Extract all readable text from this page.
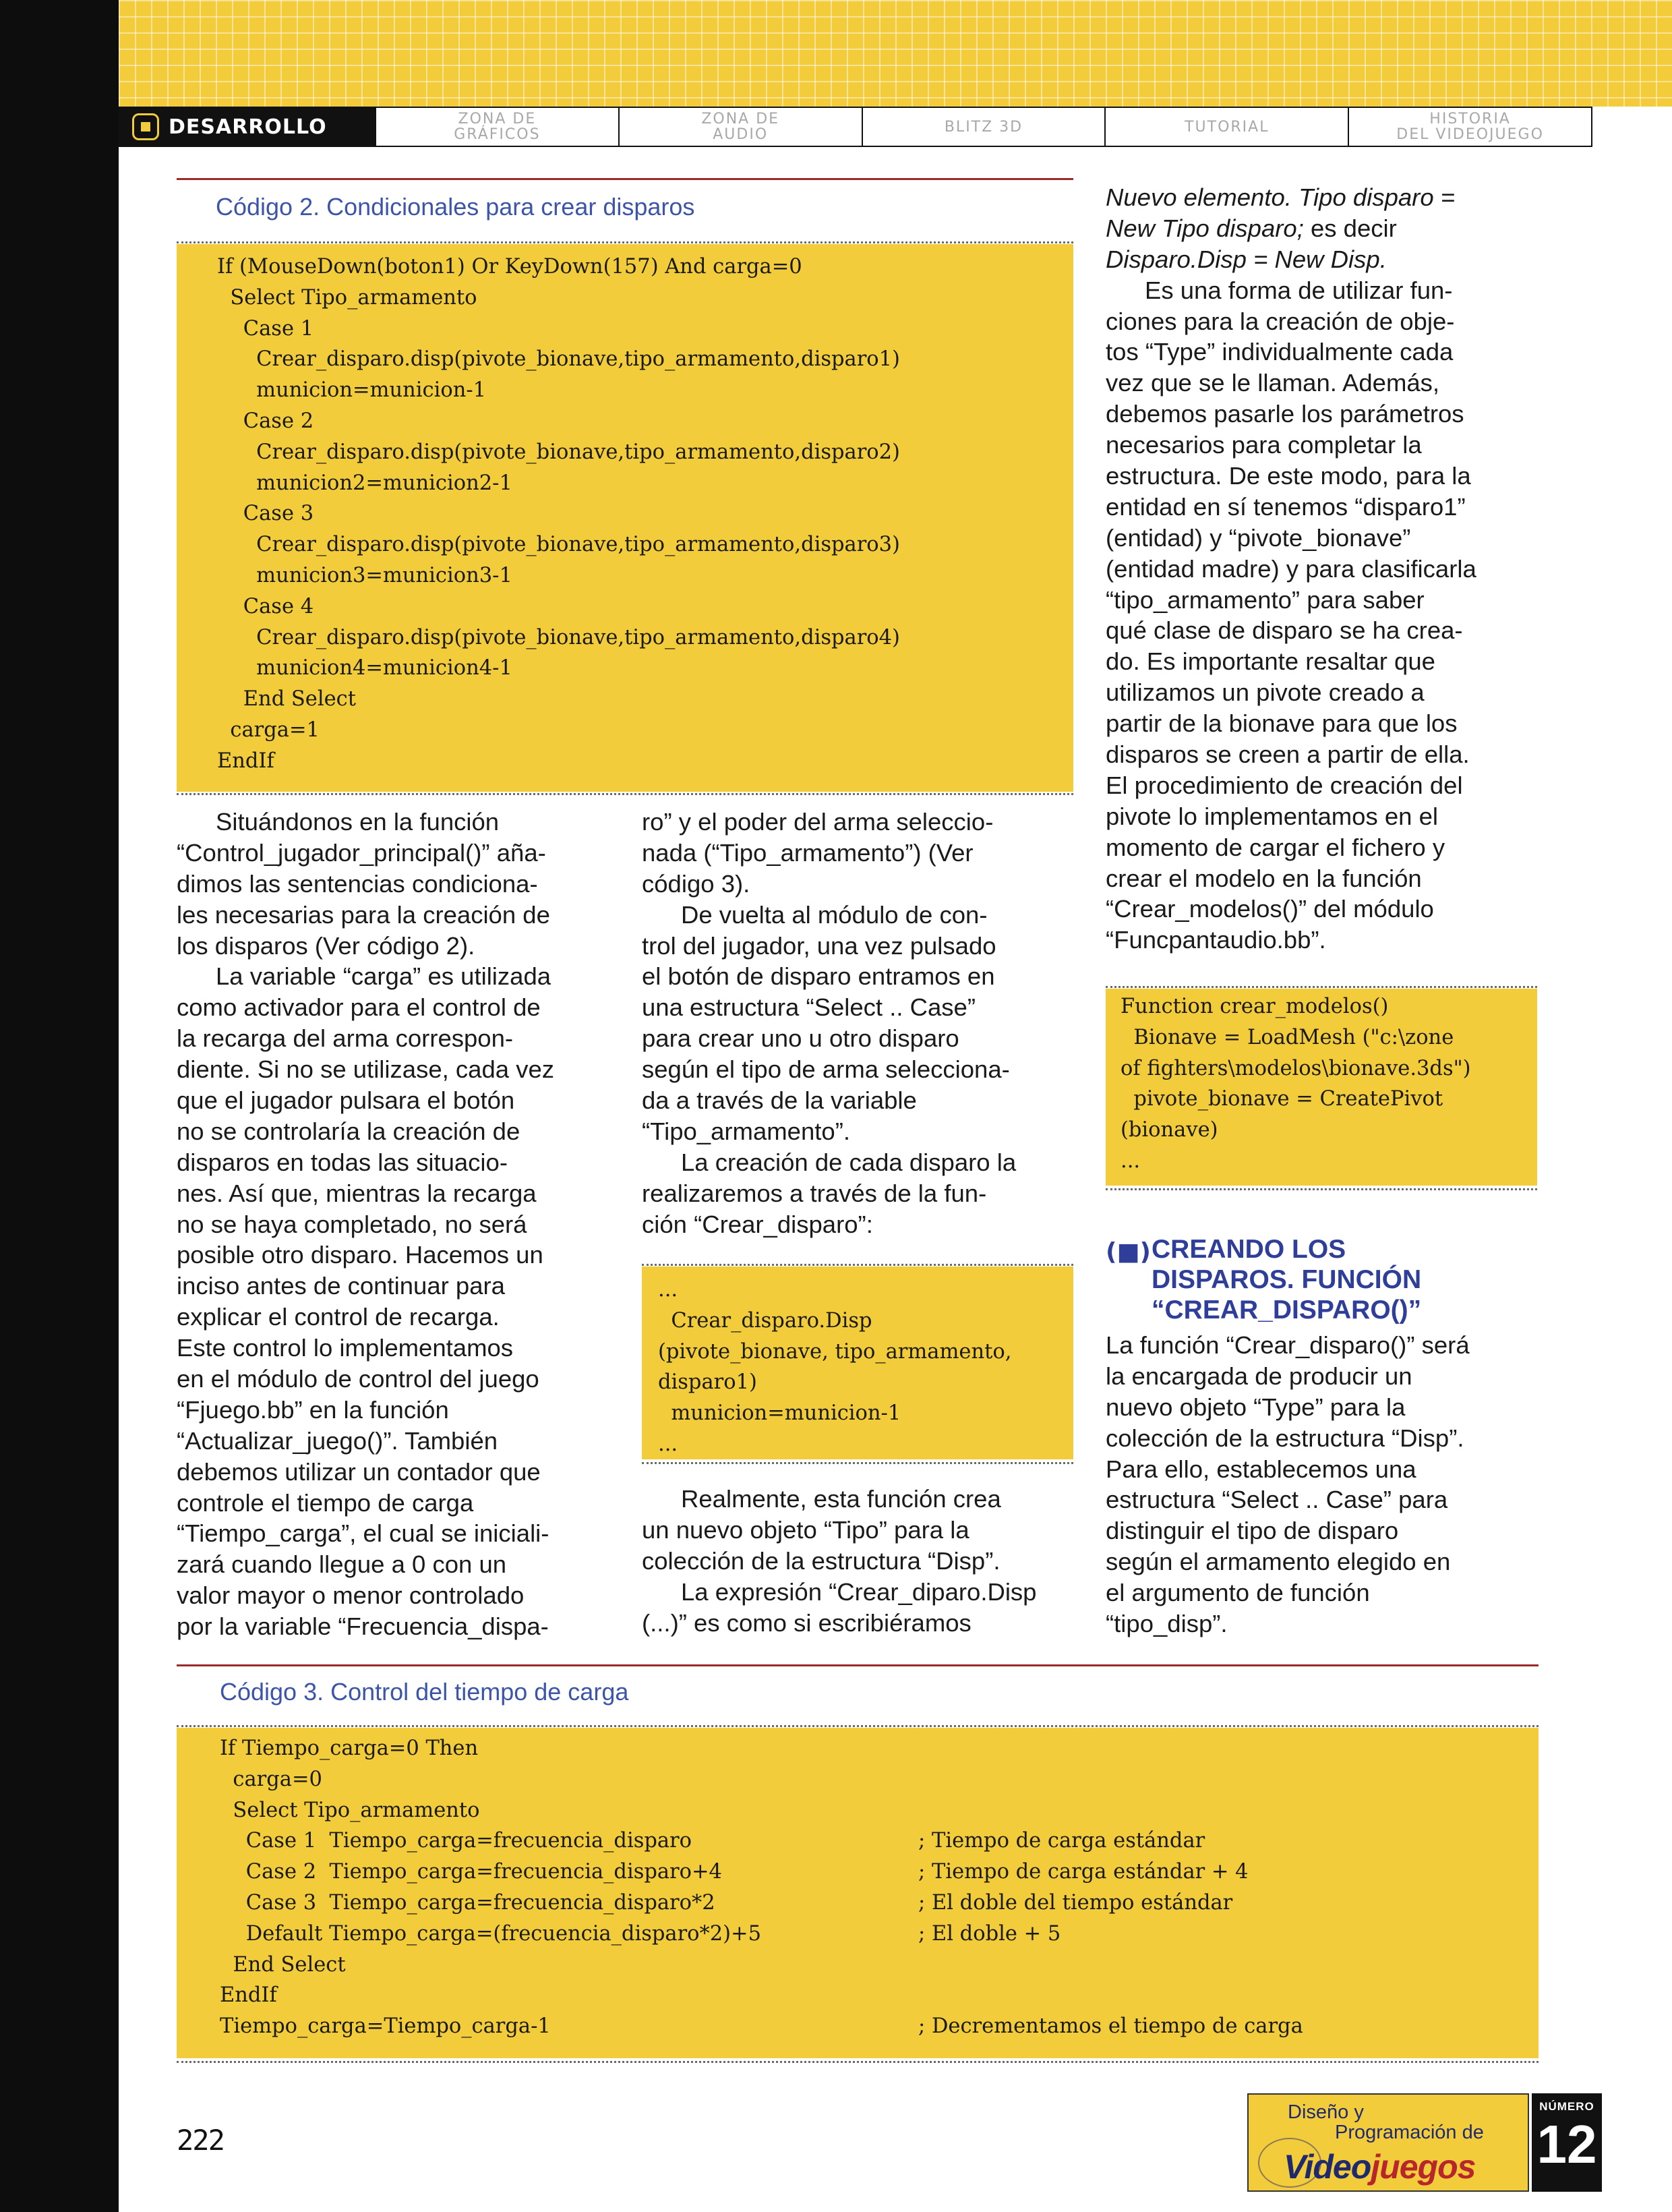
DESARROLLO	ZONA DE
GRÁFICOS
ZONA DE
AUDIO	BLITZ 3D	TUTORIAL	HISTORIA
DEL VIDEOJUEGO
Código 2. Condicionales para crear disparos
If (MouseDown(boton1) Or KeyDown(157) And carga=0
Select Tipo_armamento
Case 1
Crear_disparo.disp(pivote_bionave,tipo_armamento,disparo1)
municion=municion-1
Case 2
Crear_disparo.disp(pivote_bionave,tipo_armamento,disparo2)
municion2=municion2-1
Case 3
Crear_disparo.disp(pivote_bionave,tipo_armamento,disparo3)
municion3=municion3-1
Case 4
Crear_disparo.disp(pivote_bionave,tipo_armamento,disparo4)
municion4=municion4-1
End Select
carga=1
EndIf
Situándonos en la función
“Control_jugador_principal()” aña-
dimos las sentencias condiciona-
les necesarias para la creación de
los disparos (Ver código 2).
La variable “carga” es utilizada
como activador para el control de
la recarga del arma correspon-
diente. Si no se utilizase, cada vez
que el jugador pulsara el botón
no se controlaría la creación de
disparos en todas las situacio-
nes. Así que, mientras la recarga
no se haya completado, no será
posible otro disparo. Hacemos un
inciso antes de continuar para
explicar el control de recarga.
Este control lo implementamos
en el módulo de control del juego
“Fjuego.bb” en la función
“Actualizar_juego()”. También
debemos utilizar un contador que
controle el tiempo de carga
“Tiempo_carga”, el cual se iniciali-
zará cuando llegue a 0 con un
valor mayor o menor controlado
por la variable “Frecuencia_dispa-
ro” y el poder del arma seleccio-
nada (“Tipo_armamento”) (Ver
código 3).
De vuelta al módulo de con-
trol del jugador, una vez pulsado
el botón de disparo entramos en
una estructura “Select .. Case”
para crear uno u otro disparo
según el tipo de arma selecciona-
da a través de la variable
“Tipo_armamento”.
La creación de cada disparo la
realizaremos a través de la fun-
ción “Crear_disparo”:
...
Crear_disparo.Disp
(pivote_bionave, tipo_armamento,
disparo1)
municion=municion-1
...
Realmente, esta función crea
un nuevo objeto “Tipo” para la
colección de la estructura “Disp”.
La expresión “Crear_diparo.Disp
(...)” es como si escribiéramos
Nuevo elemento. Tipo disparo =
New Tipo disparo; es decir
Disparo.Disp = New Disp.
Es una forma de utilizar fun-
ciones para la creación de obje-
tos “Type” individualmente cada
vez que se le llaman. Además,
debemos pasarle los parámetros
necesarios para completar la
estructura. De este modo, para la
entidad en sí tenemos “disparo1”
(entidad) y “pivote_bionave”
(entidad madre) y para clasificarla
“tipo_armamento” para saber
qué clase de disparo se ha crea-
do. Es importante resaltar que
utilizamos un pivote creado a
partir de la bionave para que los
disparos se creen a partir de ella.
El procedimiento de creación del
pivote lo implementamos en el
momento de cargar el fichero y
crear el modelo en la función
“Crear_modelos()” del módulo
“Funcpantaudio.bb”.
Function crear_modelos()
Bionave = LoadMesh ("c:\zone
of fighters\modelos\bionave.3ds")
pivote_bionave = CreatePivot
(bionave)
...
(■) CREANDO LOS
DISPAROS. FUNCIÓN
“CREAR_DISPARO()”
La función “Crear_disparo()” será
la encargada de producir un
nuevo objeto “Type” para la
colección de la estructura “Disp”.
Para ello, establecemos una
estructura “Select .. Case” para
distinguir el tipo de disparo
según el armamento elegido en
el argumento de función
“tipo_disp”.
Código 3. Control del tiempo de carga
If Tiempo_carga=0 Then
carga=0
Select Tipo_armamento
Case 1  Tiempo_carga=frecuencia_disparo	; Tiempo de carga estándar
Case 2  Tiempo_carga=frecuencia_disparo+4	; Tiempo de carga estándar + 4
Case 3  Tiempo_carga=frecuencia_disparo*2	; El doble del tiempo estándar
Default Tiempo_carga=(frecuencia_disparo*2)+5	; El doble + 5
End Select
EndIf
Tiempo_carga=Tiempo_carga-1	; Decrementamos el tiempo de carga
222
Diseño y
Programación de
Videojuegos
NÚMERO
12
